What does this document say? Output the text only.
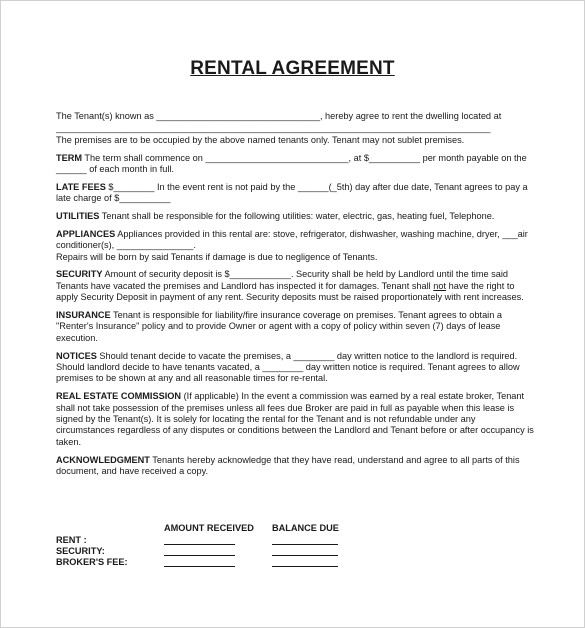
RENTAL AGREEMENT

The Tenant(s) known as ________________________________, hereby agree to rent the dwelling located at

_____________________________________________________________________________________

The premises are to be occupied by the above named tenants only. Tenant may not sublet premises.

TERM The term shall commence on ____________________________, at $__________ per month payable on the ______ of each month in full.

LATE FEES $________ In the event rent is not paid by the ______(_5th) day after due date, Tenant agrees to pay a late charge of $__________

UTILITIES Tenant shall be responsible for the following utilities: water, electric, gas, heating fuel, Telephone.

APPLIANCES Appliances provided in this rental are: stove, refrigerator, dishwasher, washing machine, dryer, ___air conditioner(s), _______________.
Repairs will be born by said Tenants if damage is due to negligence of Tenants.

SECURITY Amount of security deposit is $____________. Security shall be held by Landlord until the time said Tenants have vacated the premises and Landlord has inspected it for damages. Tenant shall not have the right to apply Security Deposit in payment of any rent. Security deposits must be raised proportionately with rent increases.

INSURANCE Tenant is responsible for liability/fire insurance coverage on premises. Tenant agrees to obtain a "Renter's Insurance" policy and to provide Owner or agent with a copy of policy within seven (7) days of lease execution.

NOTICES Should tenant decide to vacate the premises, a ________ day written notice to the landlord is required. Should landlord decide to have tenants vacated, a ________ day written notice is required. Tenant agrees to allow premises to be shown at any and all reasonable times for re-rental.

REAL ESTATE COMMISSION (If applicable) In the event a commission was earned by a real estate broker, Tenant shall not take possession of the premises unless all fees due Broker are paid in full as payable when this lease is signed by the Tenant(s). It is solely for locating the rental for the Tenant and is not refundable under any circumstances regardless of any disputes or conditions between the Landlord and Tenant before or after occupancy is taken.

ACKNOWLEDGMENT Tenants hereby acknowledge that they have read, understand and agree to all parts of this document, and have received a copy.

AMOUNT RECEIVED BALANCE DUE
RENT :
SECURITY:
BROKER'S FEE:
